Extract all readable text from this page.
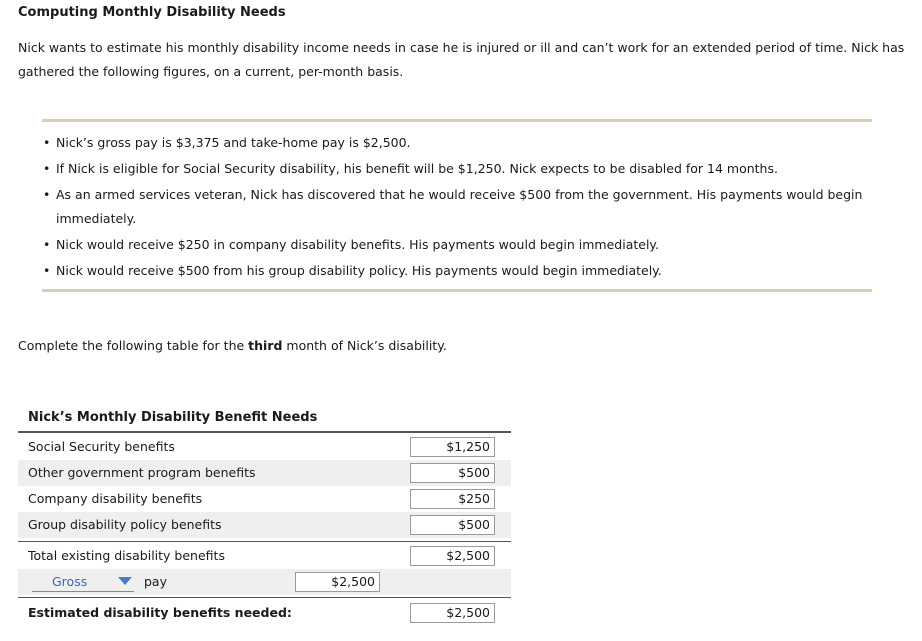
Computing Monthly Disability Needs
Nick wants to estimate his monthly disability income needs in case he is injured or ill and can’t work for an extended period of time. Nick has gathered the following figures, on a current, per-month basis.
• Nick’s gross pay is $3,375 and take-home pay is $2,500.
• If Nick is eligible for Social Security disability, his benefit will be $1,250. Nick expects to be disabled for 14 months.
• As an armed services veteran, Nick has discovered that he would receive $500 from the government. His payments would begin immediately.
• Nick would receive $250 in company disability benefits. His payments would begin immediately.
• Nick would receive $500 from his group disability policy. His payments would begin immediately.
Complete the following table for the third month of Nick’s disability.
Nick’s Monthly Disability Benefit Needs
Social Security benefits	$1,250
Other government program benefits	$500
Company disability benefits	$250
Group disability policy benefits	$500
Total existing disability benefits	$2,500
Gross	pay	$2,500
Estimated disability benefits needed:	$2,500
